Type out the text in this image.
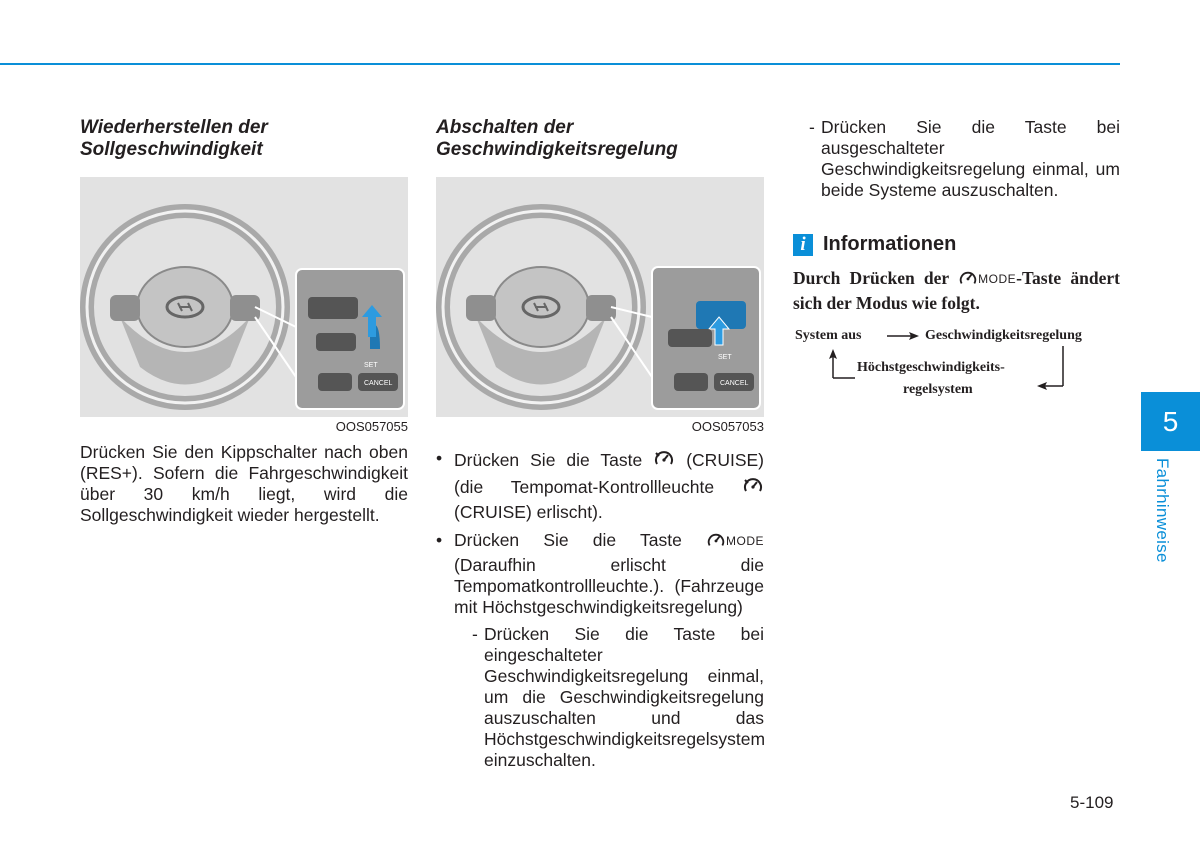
Wiederherstellen der
Sollgeschwindigkeit
SET
CANCEL
OOS057055

Drücken Sie den Kippschalter nach oben (RES+). Sofern die Fahrgeschwindigkeit über 30 km/h liegt, wird die Sollgeschwindigkeit wieder hergestellt.

Abschalten der
Geschwindigkeitsregelung
SET
CANCEL
OOS057053
• Drücken Sie die Taste	(CRUISE) (die Tempomat-Kontrollleuchte  (CRUISE) erlischt).
• Drücken Sie die Taste	MODE (Daraufhin erlischt die Tempomatkontrollleuchte.). (Fahrzeuge mit Höchstgeschwindigkeitsregelung)
- Drücken Sie die Taste bei eingeschalteter Geschwindigkeitsregelung einmal, um die Geschwindigkeitsregelung auszuschalten und das Höchstgeschwindigkeitsregelsystem einzuschalten.
- Drücken Sie die Taste bei ausgeschalteter Geschwindigkeitsregelung einmal, um beide Systeme auszuschalten.
i Informationen
Durch Drücken der MODE-Taste ändert sich der Modus wie folgt.
System aus	Geschwindigkeitsregelung
Höchstgeschwindigkeits-
regelsystem
5
Fahrhinweise
5-109
